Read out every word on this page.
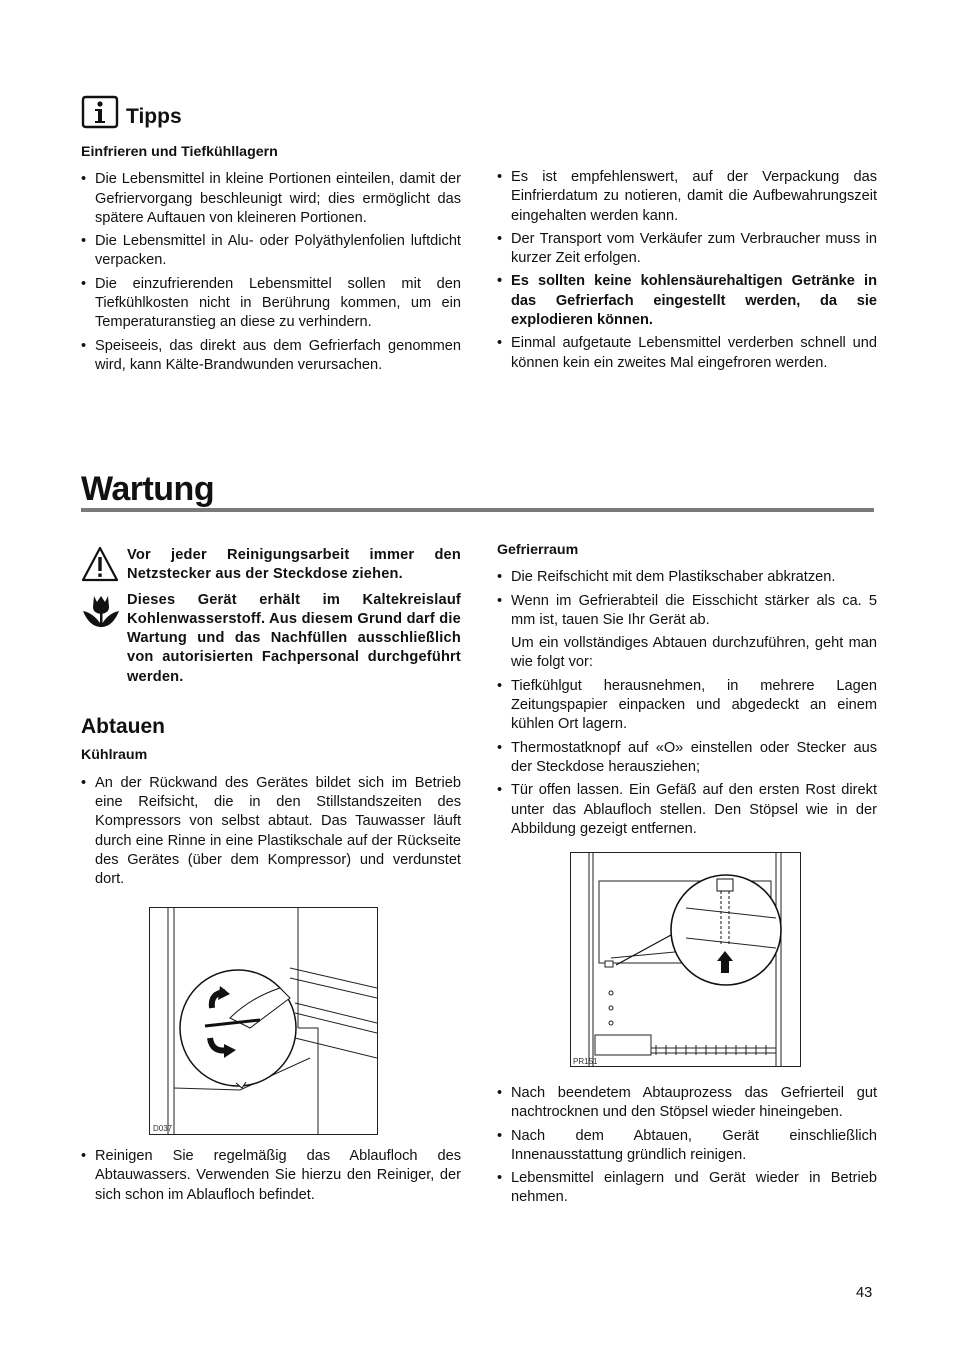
Tipps
Einfrieren und Tiefkühllagern
• Die Lebensmittel in kleine Portionen einteilen, damit der Gefriervorgang beschleunigt wird; dies ermöglicht das spätere Auftauen von kleineren Portionen.
• Die Lebensmittel in Alu- oder Polyäthylenfolien luftdicht verpacken.
• Die einzufrierenden Lebensmittel sollen mit den Tiefkühlkosten nicht in Berührung kommen, um ein Temperaturanstieg an diese zu verhindern.
• Speiseeis, das direkt aus dem Gefrierfach genommen wird, kann Kälte-Brandwunden verursachen.
• Es ist empfehlenswert, auf der Verpackung das Einfrierdatum zu notieren, damit die Aufbewahrungszeit eingehalten werden kann.
• Der Transport vom Verkäufer zum Verbraucher muss in kurzer Zeit erfolgen.
• Es sollten keine kohlensäurehaltigen Getränke in das Gefrierfach eingestellt werden, da sie explodieren können.
• Einmal aufgetaute Lebensmittel verderben schnell und können kein ein zweites Mal eingefroren werden.
Wartung
Vor jeder Reinigungsarbeit immer den Netzstecker aus der Steckdose ziehen.
Dieses Gerät erhält im Kaltekreislauf Kohlenwasserstoff. Aus diesem Grund darf die Wartung und das Nachfüllen ausschließlich von autorisierten Fachpersonal durchgeführt werden.
Abtauen
Kühlraum
• An der Rückwand des Gerätes bildet sich im Betrieb eine Reifsicht, die in den Stillstandszeiten des Kompressors von selbst abtaut. Das Tauwasser läuft durch eine Rinne in eine Plastikschale auf der Rückseite des Gerätes (über dem Kompressor) und verdunstet dort.
D037
• Reinigen Sie regelmäßig das Ablaufloch des Abtauwassers. Verwenden Sie hierzu den Reiniger, der sich schon im Ablaufloch befindet.
Gefrierraum
• Die Reifschicht mit dem Plastikschaber abkratzen.
• Wenn im Gefrierabteil die Eisschicht stärker als ca. 5 mm ist, tauen Sie Ihr Gerät ab.
Um ein vollständiges Abtauen durchzuführen, geht man wie folgt vor:
• Tiefkühlgut herausnehmen, in mehrere Lagen Zeitungspapier einpacken und abgedeckt an einem kühlen Ort lagern.
• Thermostatknopf auf «O» einstellen oder Stecker aus der Steckdose herausziehen;
• Tür offen lassen. Ein Gefäß auf den ersten Rost direkt unter das Ablaufloch stellen. Den Stöpsel wie in der Abbildung gezeigt entfernen.
PR151
• Nach beendetem Abtauprozess das Gefrierteil gut nachtrocknen und den Stöpsel wieder hineingeben.
• Nach dem Abtauen, Gerät einschließlich Innenausstattung gründlich reinigen.
• Lebensmittel einlagern und Gerät wieder in Betrieb nehmen.
43
